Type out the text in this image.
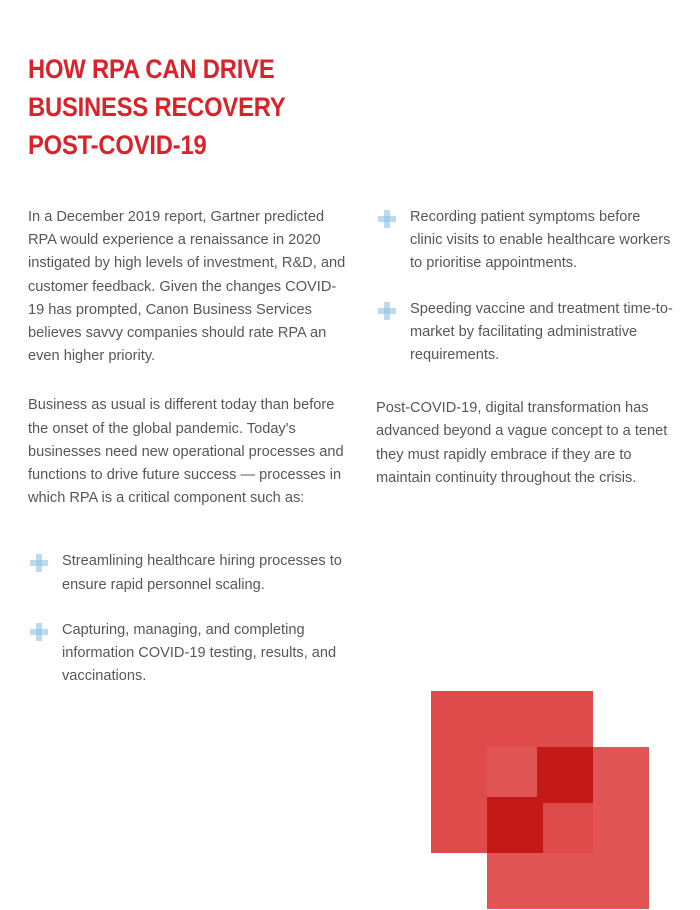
HOW RPA CAN DRIVE
BUSINESS RECOVERY
POST-COVID-19

In a December 2019 report, Gartner predicted RPA would experience a renaissance in 2020 instigated by high levels of investment, R&D, and customer feedback. Given the changes COVID-19 has prompted, Canon Business Services believes savvy companies should rate RPA an even higher priority.

Business as usual is different today than before the onset of the global pandemic. Today's businesses need new operational processes and functions to drive future success — processes in which RPA is a critical component such as:

Streamlining healthcare hiring processes to ensure rapid personnel scaling.
Capturing, managing, and completing information COVID-19 testing, results, and vaccinations.
Recording patient symptoms before clinic visits to enable healthcare workers to prioritise appointments.
Speeding vaccine and treatment time-to-market by facilitating administrative requirements.

Post-COVID-19, digital transformation has advanced beyond a vague concept to a tenet they must rapidly embrace if they are to maintain continuity throughout the crisis.
